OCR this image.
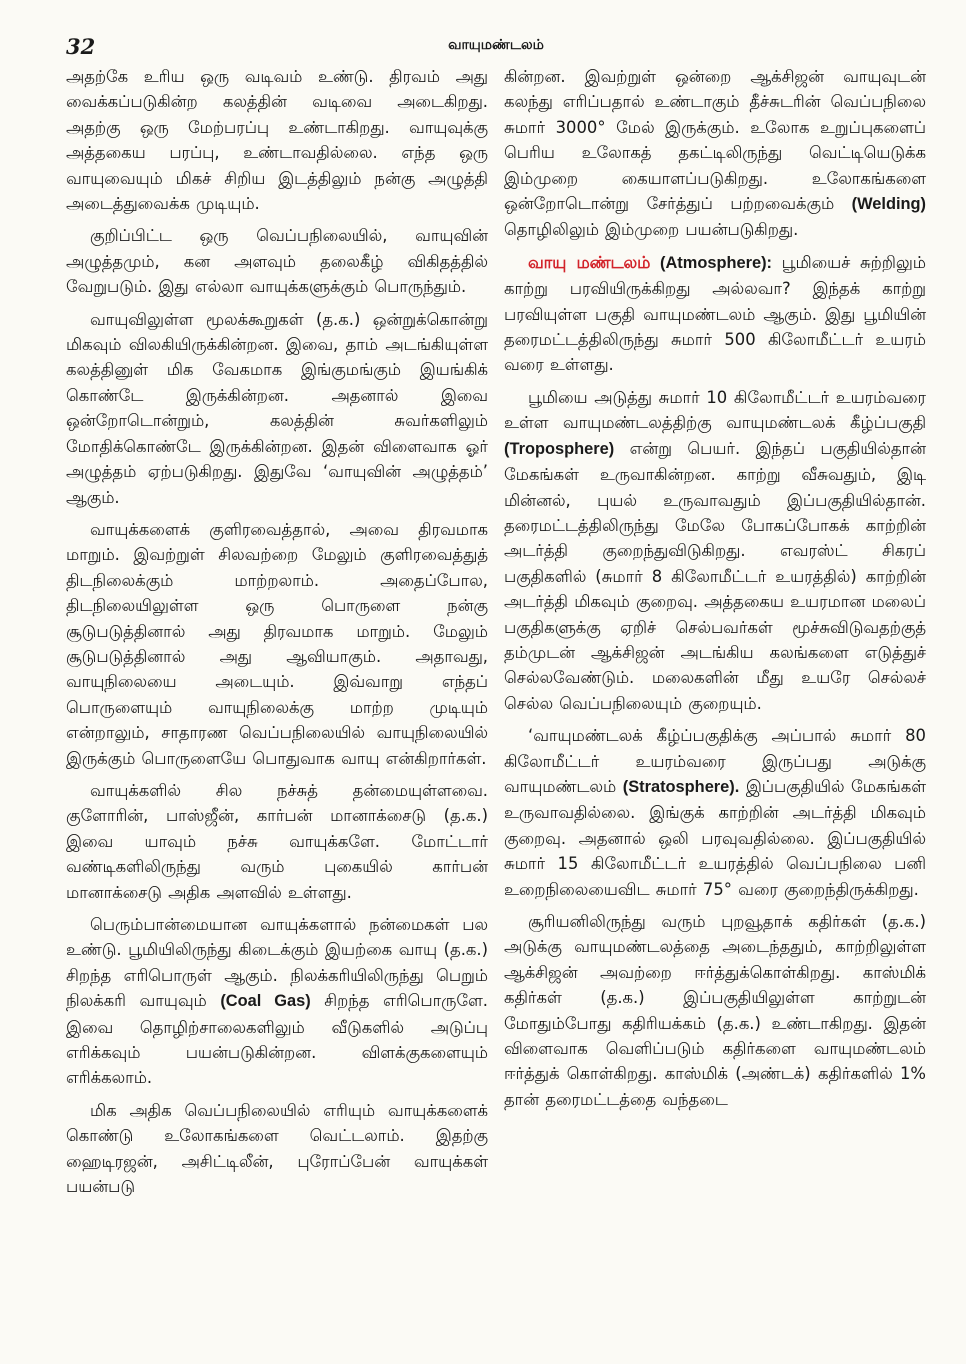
32	வாயுமண்டலம்

அதற்கே உரிய ஒரு வடிவம் உண்டு. திரவம் அது வைக்கப்படுகின்ற கலத்தின் வடிவை அடைகிறது. அதற்கு ஒரு மேற்பரப்பு உண்டாகிறது. வாயுவுக்கு அத்தகைய பரப்பு, உண்டாவதில்லை. எந்த ஒரு வாயுவையும் மிகச் சிறிய இடத்திலும் நன்கு அழுத்தி அடைத்துவைக்க முடியும்.

குறிப்பிட்ட ஒரு வெப்பநிலையில், வாயுவின் அழுத்தமும், கன அளவும் தலைகீழ் விகிதத்தில் வேறுபடும். இது எல்லா வாயுக்களுக்கும் பொருந்தும்.

வாயுவிலுள்ள மூலக்கூறுகள் (த.க.) ஒன்றுக்கொன்று மிகவும் விலகியிருக்கின்றன. இவை, தாம் அடங்கியுள்ள கலத்தினுள் மிக வேகமாக இங்குமங்கும் இயங்கிக் கொண்டே இருக்கின்றன. அதனால் இவை ஒன்றோடொன்றும், கலத்தின் சுவர்களிலும் மோதிக்கொண்டே இருக்கின்றன. இதன் விளைவாக ஓர் அழுத்தம் ஏற்படுகிறது. இதுவே ‘வாயுவின் அழுத்தம்’ ஆகும்.

வாயுக்களைக் குளிரவைத்தால், அவை திரவமாக மாறும். இவற்றுள் சிலவற்றை மேலும் குளிரவைத்துத் திடநிலைக்கும் மாற்றலாம். அதைப்போல, திடநிலையிலுள்ள ஒரு பொருளை நன்கு சூடுபடுத்தினால் அது திரவமாக மாறும். மேலும் சூடுபடுத்தினால் அது ஆவியாகும். அதாவது, வாயுநிலையை அடையும். இவ்வாறு எந்தப் பொருளையும் வாயுநிலைக்கு மாற்ற முடியும் என்றாலும், சாதாரண வெப்பநிலையில் வாயுநிலையில் இருக்கும் பொருளையே பொதுவாக வாயு என்கிறார்கள்.

வாயுக்களில் சில நச்சுத் தன்மையுள்ளவை. குளோரின், பாஸ்ஜீன், கார்பன் மானாக்சைடு (த.க.) இவை யாவும் நச்சு வாயுக்களே. மோட்டார் வண்டிகளிலிருந்து வரும் புகையில் கார்பன் மானாக்சைடு அதிக அளவில் உள்ளது.

பெரும்பான்மையான வாயுக்களால் நன்மைகள் பல உண்டு. பூமியிலிருந்து கிடைக்கும் இயற்கை வாயு (த.க.) சிறந்த எரிபொருள் ஆகும். நிலக்கரியிலிருந்து பெறும் நிலக்கரி வாயுவும் (Coal Gas) சிறந்த எரிபொருளே. இவை தொழிற்சாலைகளிலும் வீடுகளில் அடுப்பு எரிக்கவும் பயன்படுகின்றன. விளக்குகளையும் எரிக்கலாம்.

மிக அதிக வெப்பநிலையில் எரியும் வாயுக்களைக் கொண்டு உலோகங்களை வெட்டலாம். இதற்கு ஹைடிரஜன், அசிட்டிலீன், புரோப்பேன் வாயுக்கள் பயன்படு

கின்றன. இவற்றுள் ஒன்றை ஆக்சிஜன் வாயுவுடன் கலந்து எரிப்பதால் உண்டாகும் தீச்சுடரின் வெப்பநிலை சுமார் 3000° மேல் இருக்கும். உலோக உறுப்புகளைப் பெரிய உலோகத் தகட்டிலிருந்து வெட்டியெடுக்க இம்முறை கையாளப்படுகிறது. உலோகங்களை ஒன்றோடொன்று சேர்த்துப் பற்றவைக்கும் (Welding) தொழிலிலும் இம்முறை பயன்படுகிறது.

வாயு மண்டலம் (Atmosphere): பூமியைச் சுற்றிலும் காற்று பரவியிருக்கிறது அல்லவா? இந்தக் காற்று பரவியுள்ள பகுதி வாயுமண்டலம் ஆகும். இது பூமியின் தரைமட்டத்திலிருந்து சுமார் 500 கிலோமீட்டர் உயரம் வரை உள்ளது.

பூமியை அடுத்து சுமார் 10 கிலோமீட்டர் உயரம்வரை உள்ள வாயுமண்டலத்திற்கு வாயுமண்டலக் கீழ்ப்பகுதி (Troposphere) என்று பெயர். இந்தப் பகுதியில்தான் மேகங்கள் உருவாகின்றன. காற்று வீசுவதும், இடி மின்னல், புயல் உருவாவதும் இப்பகுதியில்தான். தரைமட்டத்திலிருந்து மேலே போகப்போகக் காற்றின் அடர்த்தி குறைந்துவிடுகிறது. எவரஸ்ட் சிகரப் பகுதிகளில் (சுமார் 8 கிலோமீட்டர் உயரத்தில்) காற்றின் அடர்த்தி மிகவும் குறைவு. அத்தகைய உயரமான மலைப் பகுதிகளுக்கு ஏறிச் செல்பவர்கள் மூச்சுவிடுவதற்குத் தம்முடன் ஆக்சிஜன் அடங்கிய கலங்களை எடுத்துச் செல்லவேண்டும். மலைகளின் மீது உயரே செல்லச் செல்ல வெப்பநிலையும் குறையும்.

‘வாயுமண்டலக் கீழ்ப்பகுதிக்கு அப்பால் சுமார் 80 கிலோமீட்டர் உயரம்வரை இருப்பது அடுக்கு வாயுமண்டலம் (Stratosphere). இப்பகுதியில் மேகங்கள் உருவாவதில்லை. இங்குக் காற்றின் அடர்த்தி மிகவும் குறைவு. அதனால் ஒலி பரவுவதில்லை. இப்பகுதியில் சுமார் 15 கிலோமீட்டர் உயரத்தில் வெப்பநிலை பனி உறைநிலையைவிட சுமார் 75° வரை குறைந்திருக்கிறது.

சூரியனிலிருந்து வரும் புறவூதாக் கதிர்கள் (த.க.) அடுக்கு வாயுமண்டலத்தை அடைந்ததும், காற்றிலுள்ள ஆக்சிஜன் அவற்றை ஈர்த்துக்கொள்கிறது. காஸ்மிக் கதிர்கள் (த.க.) இப்பகுதியிலுள்ள காற்றுடன் மோதும்போது கதிரியக்கம் (த.க.) உண்டாகிறது. இதன் விளைவாக வெளிப்படும் கதிர்களை வாயுமண்டலம் ஈர்த்துக் கொள்கிறது. காஸ்மிக் (அண்டக்) கதிர்களில் 1% தான் தரைமட்டத்தை வந்தடை
